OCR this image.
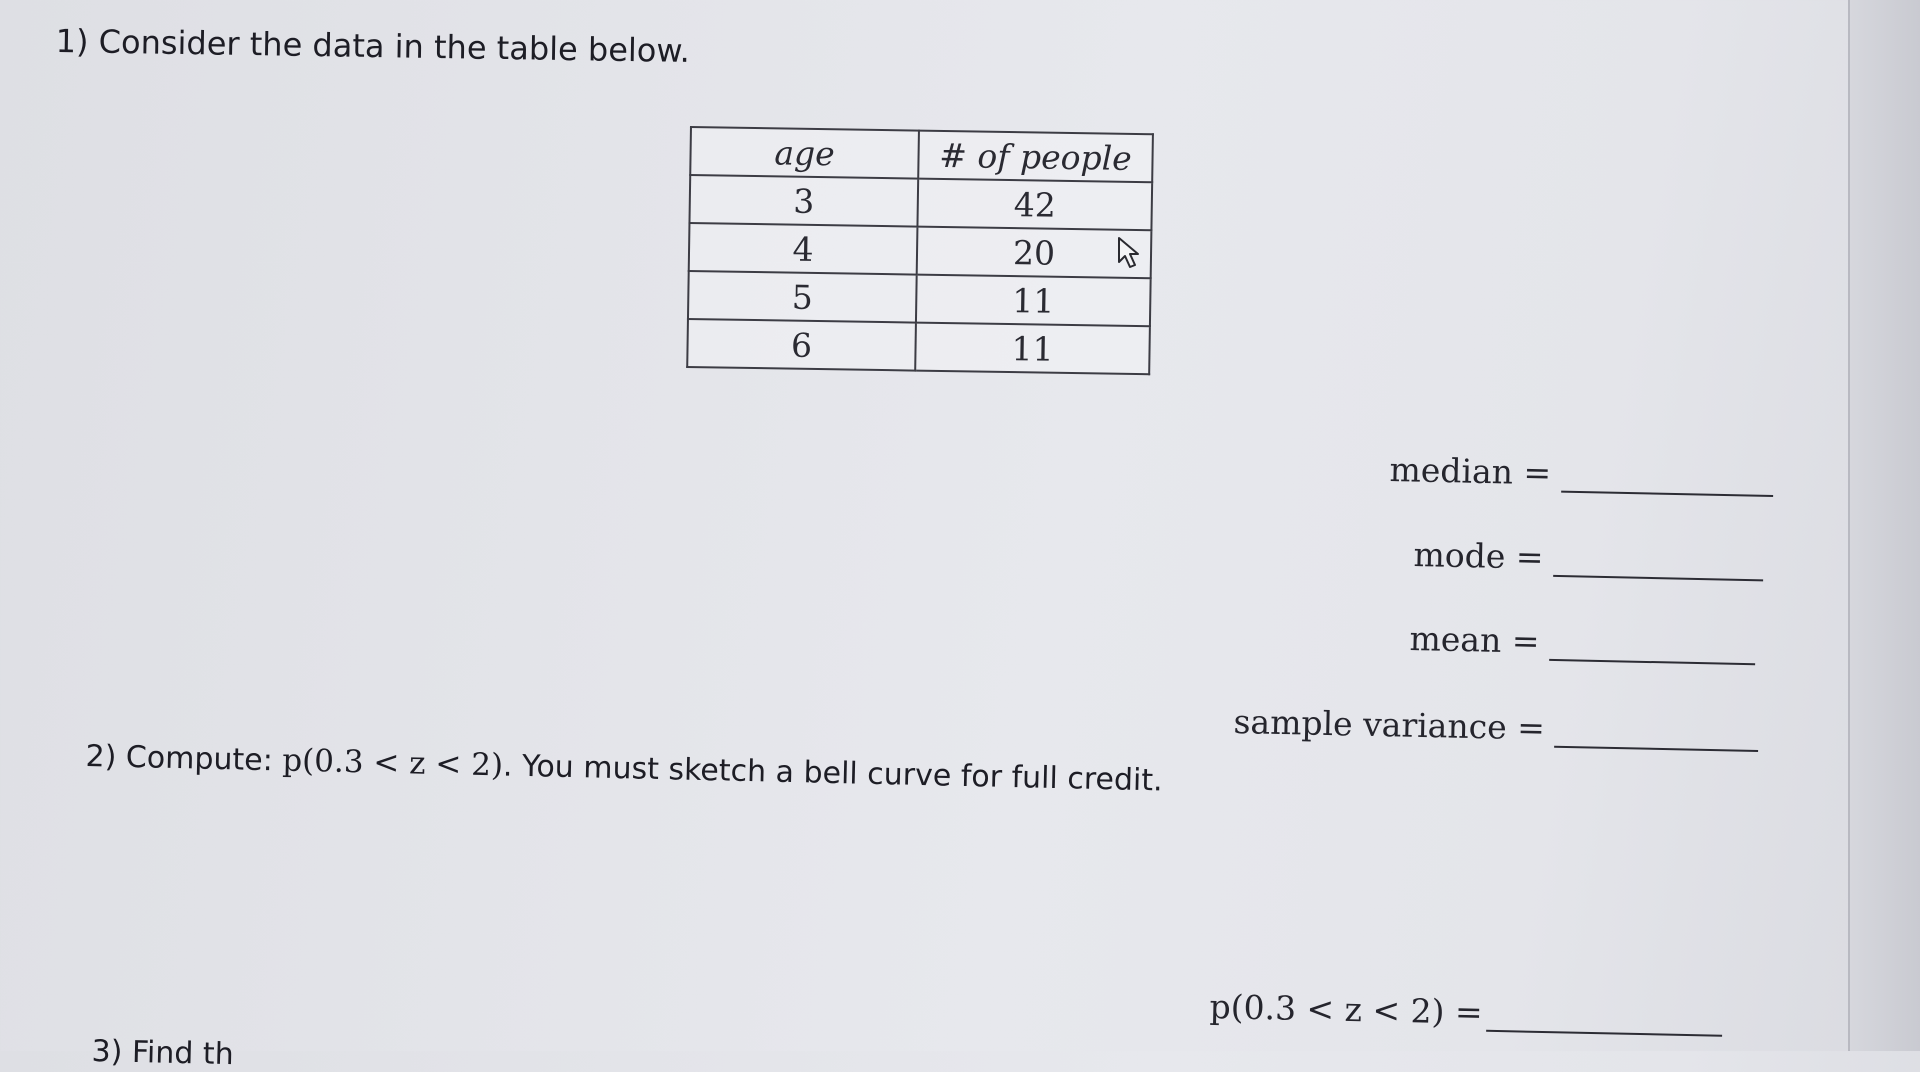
1) Consider the data in the table below.
age	# of people
3	42
4	20
5	11
6	11
median =
mode =
mean =
sample variance =
2) Compute: p(0.3 < z < 2). You must sketch a bell curve for full credit.
p(0.3 < z < 2) =
3) Find th
